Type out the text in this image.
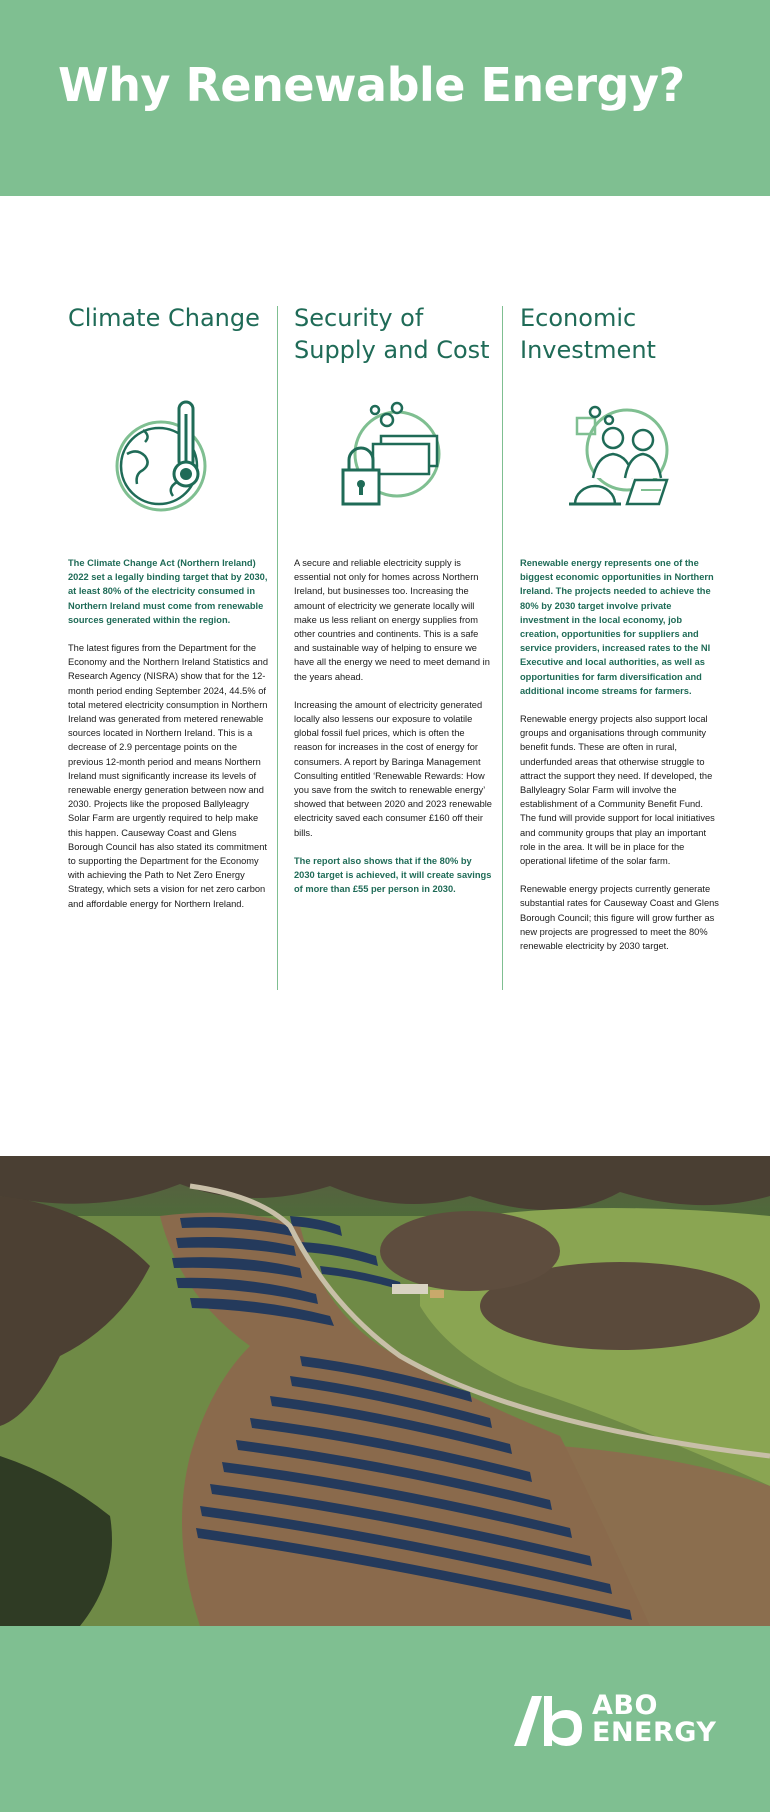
Why Renewable Energy?
Climate Change

The Climate Change Act (Northern Ireland) 2022 set a legally binding target that by 2030, at least 80% of the electricity consumed in Northern Ireland must come from renewable sources generated within the region.

The latest figures from the Department for the Economy and the Northern Ireland Statistics and Research Agency (NISRA) show that for the 12-month period ending September 2024, 44.5% of total metered electricity consumption in Northern Ireland was generated from metered renewable sources located in Northern Ireland. This is a decrease of 2.9 percentage points on the previous 12-month period and means Northern Ireland must significantly increase its levels of renewable energy generation between now and 2030. Projects like the proposed Ballyleagry Solar Farm are urgently required to help make this happen. Causeway Coast and Glens Borough Council has also stated its commitment to supporting the Department for the Economy with achieving the Path to Net Zero Energy Strategy, which sets a vision for net zero carbon and affordable energy for Northern Ireland.

Security of Supply and Cost

A secure and reliable electricity supply is essential not only for homes across Northern Ireland, but businesses too. Increasing the amount of electricity we generate locally will make us less reliant on energy supplies from other countries and continents. This is a safe and sustainable way of helping to ensure we have all the energy we need to meet demand in the years ahead.

Increasing the amount of electricity generated locally also lessens our exposure to volatile global fossil fuel prices, which is often the reason for increases in the cost of energy for consumers. A report by Baringa Management Consulting entitled ‘Renewable Rewards: How you save from the switch to renewable energy’ showed that between 2020 and 2023 renewable electricity saved each consumer £160 off their bills.

The report also shows that if the 80% by 2030 target is achieved, it will create savings of more than £55 per person in 2030.

Economic Investment

Renewable energy represents one of the biggest economic opportunities in Northern Ireland. The projects needed to achieve the 80% by 2030 target involve private investment in the local economy, job creation, opportunities for suppliers and service providers, increased rates to the NI Executive and local authorities, as well as opportunities for farm diversification and additional income streams for farmers.

Renewable energy projects also support local groups and organisations through community benefit funds. These are often in rural, underfunded areas that otherwise struggle to attract the support they need. If developed, the Ballyleagry Solar Farm will involve the establishment of a Community Benefit Fund. The fund will provide support for local initiatives and community groups that play an important role in the area. It will be in place for the operational lifetime of the solar farm.

Renewable energy projects currently generate substantial rates for Causeway Coast and Glens Borough Council; this figure will grow further as new projects are progressed to meet the 80% renewable electricity by 2030 target.

ABO
ENERGY
